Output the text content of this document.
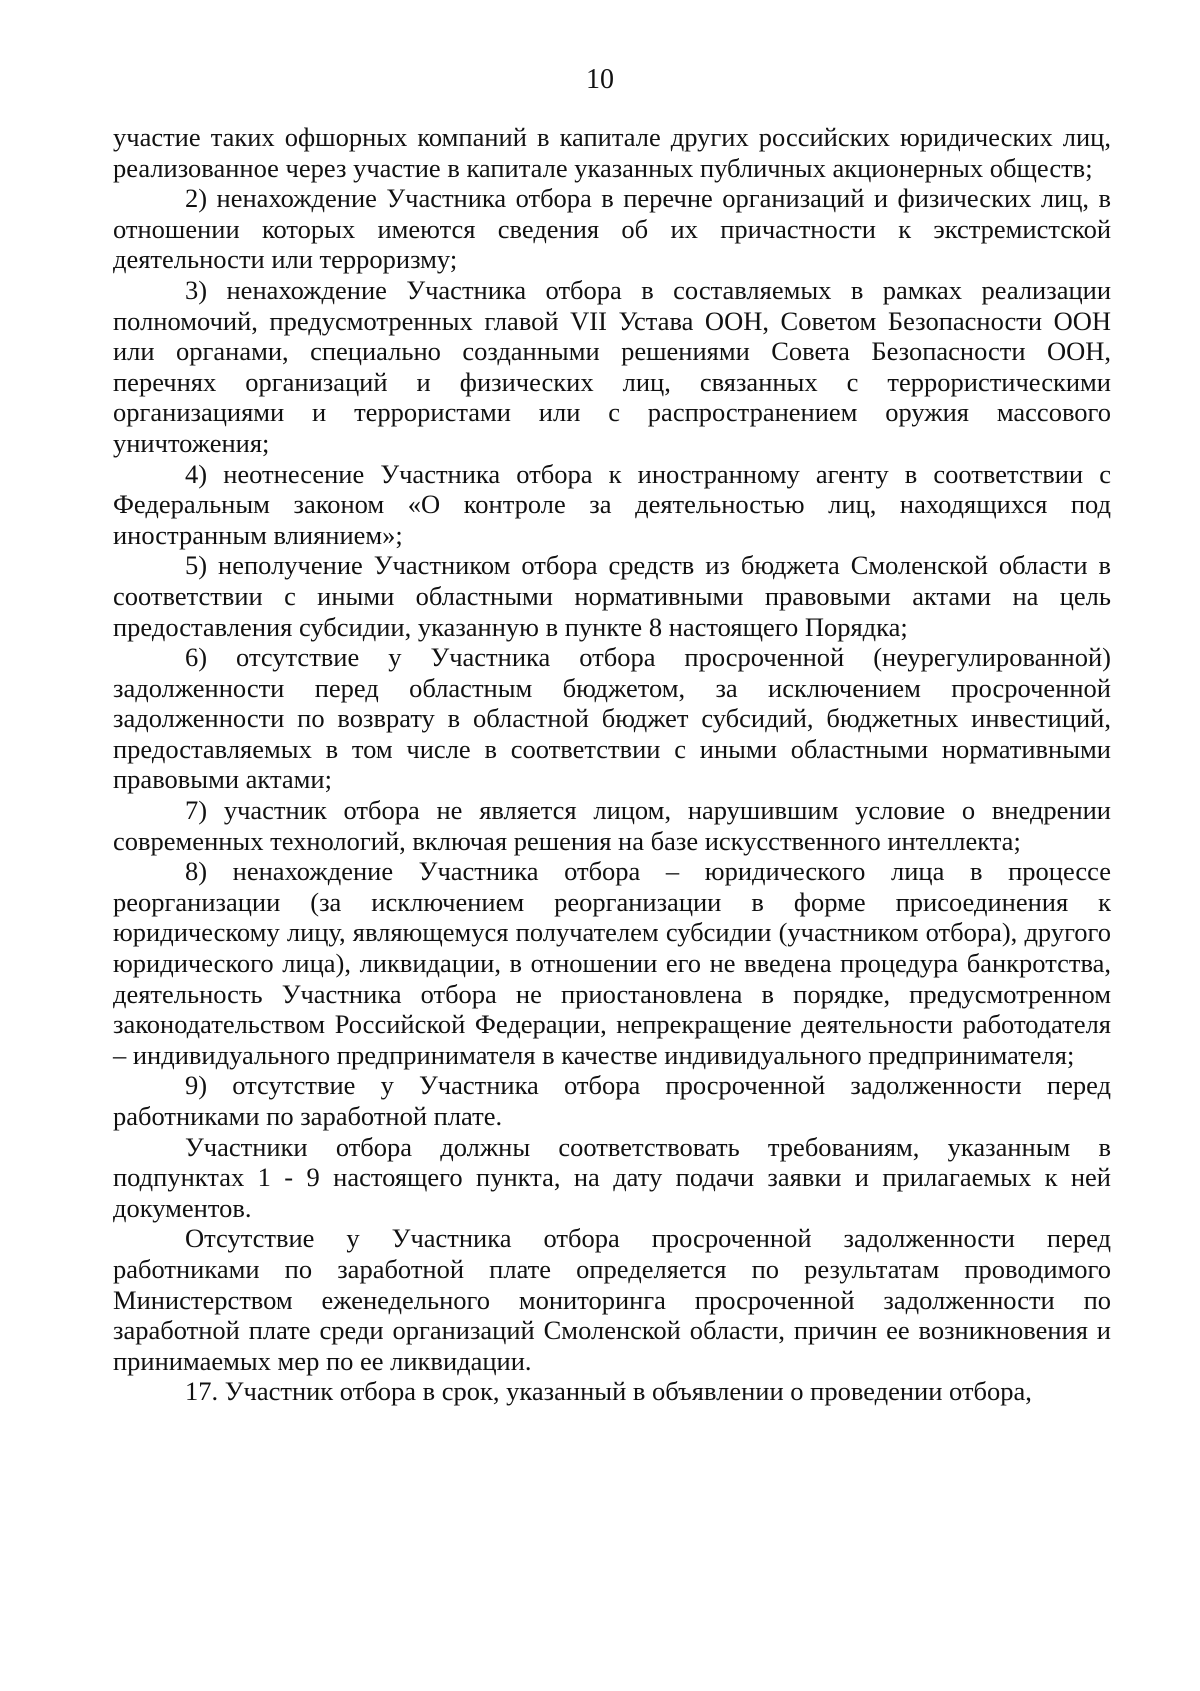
10

участие таких офшорных компаний в капитале других российских юридических лиц, реализованное через участие в капитале указанных публичных акционерных обществ;

2) ненахождение Участника отбора в перечне организаций и физических лиц, в отношении которых имеются сведения об их причастности к экстремистской деятельности или терроризму;

3) ненахождение Участника отбора в составляемых в рамках реализации полномочий, предусмотренных главой VII Устава ООН, Советом Безопасности ООН или органами, специально созданными решениями Совета Безопасности ООН, перечнях организаций и физических лиц, связанных с террористическими организациями и террористами или с распространением оружия массового уничтожения;

4) неотнесение Участника отбора к иностранному агенту в соответствии с Федеральным законом «О контроле за деятельностью лиц, находящихся под иностранным влиянием»;

5) неполучение Участником отбора средств из бюджета Смоленской области в соответствии с иными областными нормативными правовыми актами на цель предоставления субсидии, указанную в пункте 8 настоящего Порядка;

6) отсутствие у Участника отбора просроченной (неурегулированной) задолженности перед областным бюджетом, за исключением просроченной задолженности по возврату в областной бюджет субсидий, бюджетных инвестиций, предоставляемых в том числе в соответствии с иными областными нормативными правовыми актами;

7) участник отбора не является лицом, нарушившим условие о внедрении современных технологий, включая решения на базе искусственного интеллекта;

8) ненахождение Участника отбора – юридического лица в процессе реорганизации (за исключением реорганизации в форме присоединения к юридическому лицу, являющемуся получателем субсидии (участником отбора), другого юридического лица), ликвидации, в отношении его не введена процедура банкротства, деятельность Участника отбора не приостановлена в порядке, предусмотренном законодательством Российской Федерации, непрекращение деятельности работодателя – индивидуального предпринимателя в качестве индивидуального предпринимателя;

9) отсутствие у Участника отбора просроченной задолженности перед работниками по заработной плате.

Участники отбора должны соответствовать требованиям, указанным в подпунктах 1 - 9 настоящего пункта, на дату подачи заявки и прилагаемых к ней документов.

Отсутствие у Участника отбора просроченной задолженности перед работниками по заработной плате определяется по результатам проводимого Министерством еженедельного мониторинга просроченной задолженности по заработной плате среди организаций Смоленской области, причин ее возникновения и принимаемых мер по ее ликвидации.

17. Участник отбора в срок, указанный в объявлении о проведении отбора,
